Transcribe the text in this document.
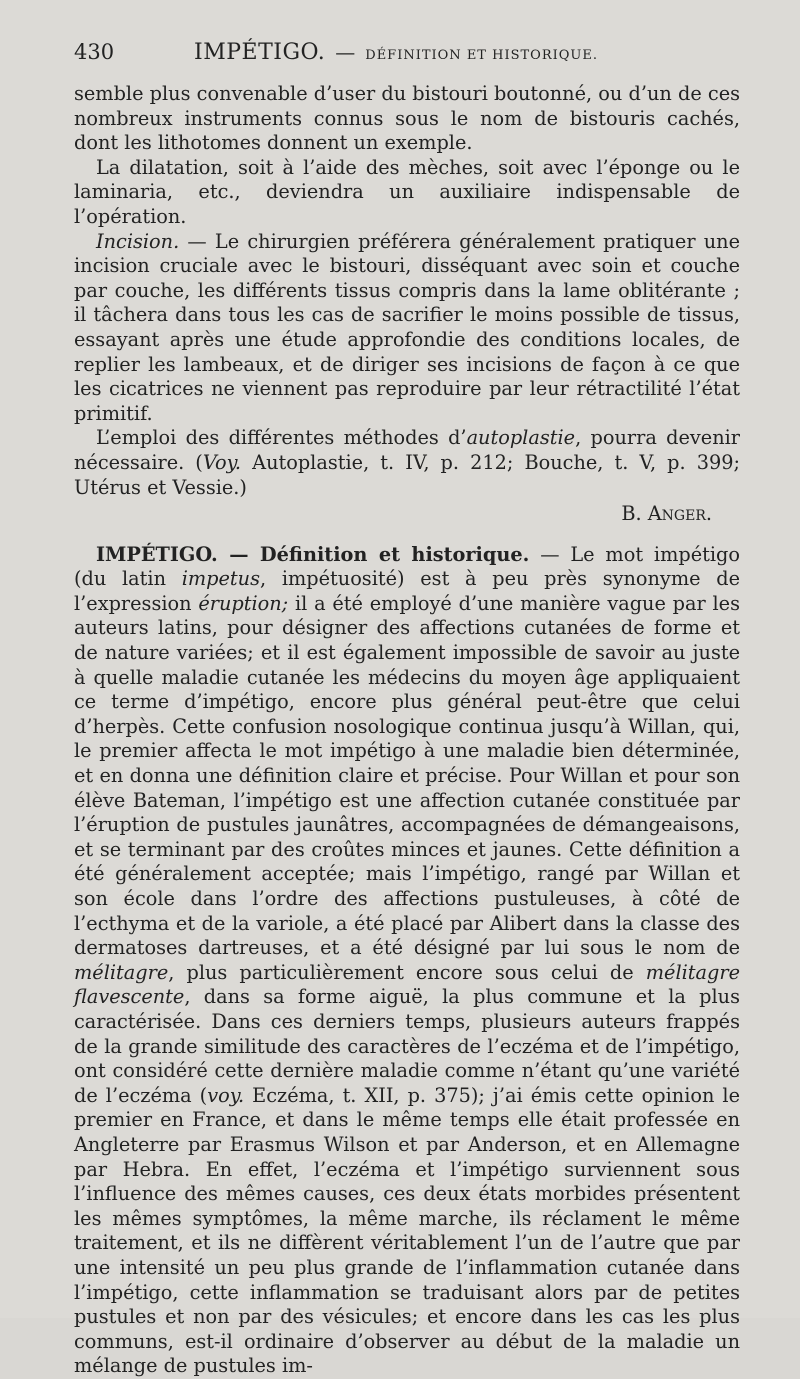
430	IMPÉTIGO. — DÉFINITION ET HISTORIQUE.

semble plus convenable d’user du bistouri boutonné, ou d’un de ces nombreux instruments connus sous le nom de bistouris cachés, dont les lithotomes donnent un exemple.

La dilatation, soit à l’aide des mèches, soit avec l’éponge ou le laminaria, etc., deviendra un auxiliaire indispensable de l’opération.

Incision. — Le chirurgien préférera généralement pratiquer une incision cruciale avec le bistouri, disséquant avec soin et couche par couche, les différents tissus compris dans la lame oblitérante ; il tâchera dans tous les cas de sacrifier le moins possible de tissus, essayant après une étude approfondie des conditions locales, de replier les lambeaux, et de diriger ses incisions de façon à ce que les cicatrices ne viennent pas reproduire par leur rétractilité l’état primitif.

L’emploi des différentes méthodes d’autoplastie, pourra devenir nécessaire. (Voy. Autoplastie, t. IV, p. 212; Bouche, t. V, p. 399; Utérus et Vessie.)

B. Anger.

IMPÉTIGO. — Définition et historique. — Le mot impétigo (du latin impetus, impétuosité) est à peu près synonyme de l’expression éruption; il a été employé d’une manière vague par les auteurs latins, pour désigner des affections cutanées de forme et de nature variées; et il est également impossible de savoir au juste à quelle maladie cutanée les médecins du moyen âge appliquaient ce terme d’impétigo, encore plus général peut-être que celui d’herpès. Cette confusion nosologique continua jusqu’à Willan, qui, le premier affecta le mot impétigo à une maladie bien déterminée, et en donna une définition claire et précise. Pour Willan et pour son élève Bateman, l’impétigo est une affection cutanée constituée par l’éruption de pustules jaunâtres, accompagnées de démangeaisons, et se terminant par des croûtes minces et jaunes. Cette définition a été généralement acceptée; mais l’impétigo, rangé par Willan et son école dans l’ordre des affections pustuleuses, à côté de l’ecthyma et de la variole, a été placé par Alibert dans la classe des dermatoses dartreuses, et a été désigné par lui sous le nom de mélitagre, plus particulièrement encore sous celui de mélitagre flavescente, dans sa forme aiguë, la plus commune et la plus caractérisée. Dans ces derniers temps, plusieurs auteurs frappés de la grande similitude des caractères de l’eczéma et de l’impétigo, ont considéré cette dernière maladie comme n’étant qu’une variété de l’eczéma (voy. Eczéma, t. XII, p. 375); j’ai émis cette opinion le premier en France, et dans le même temps elle était professée en Angleterre par Erasmus Wilson et par Anderson, et en Allemagne par Hebra. En effet, l’eczéma et l’impétigo surviennent sous l’influence des mêmes causes, ces deux états morbides présentent les mêmes symptômes, la même marche, ils réclament le même traitement, et ils ne diffèrent véritablement l’un de l’autre que par une intensité un peu plus grande de l’inflammation cutanée dans l’impétigo, cette inflammation se traduisant alors par de petites pustules et non par des vésicules; et encore dans les cas les plus communs, est-il ordinaire d’observer au début de la maladie un mélange de pustules im-
